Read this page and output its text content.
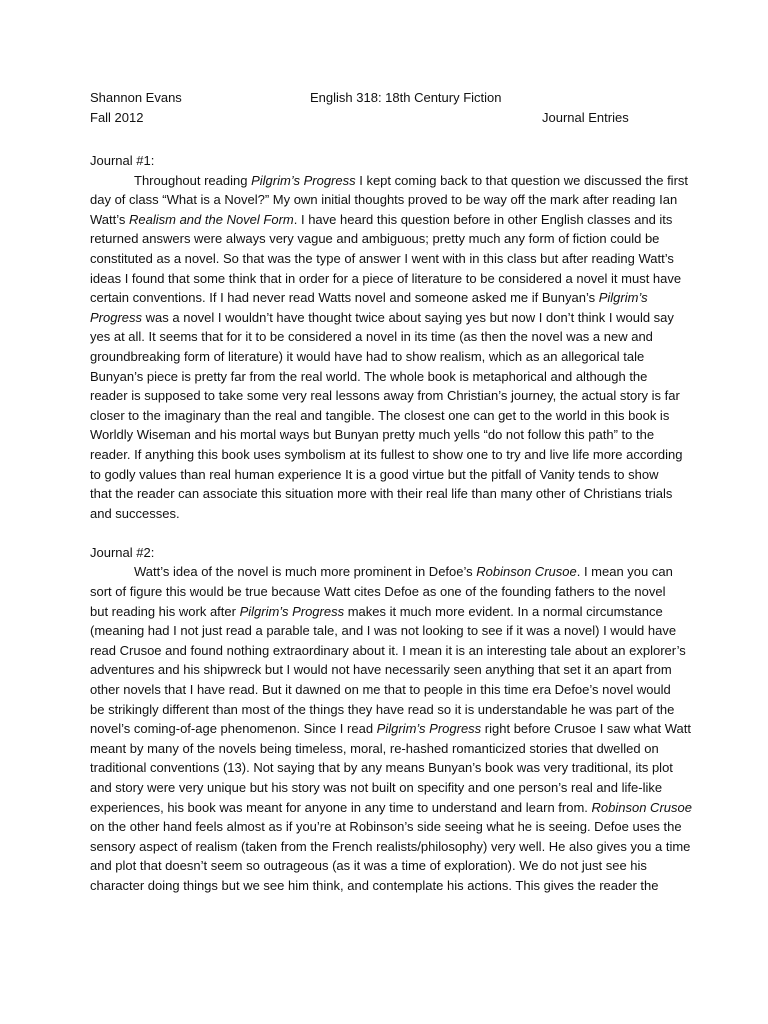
Shannon Evans	English 318: 18th Century Fiction
Fall 2012	Journal Entries
Journal #1:
Throughout reading Pilgrim’s Progress I kept coming back to that question we discussed the first
day of class “What is a Novel?” My own initial thoughts proved to be way off the mark after reading Ian
Watt’s Realism and the Novel Form. I have heard this question before in other English classes and its
returned answers were always very vague and ambiguous; pretty much any form of fiction could be
constituted as a novel. So that was the type of answer I went with in this class but after reading Watt’s
ideas I found that some think that in order for a piece of literature to be considered a novel it must have
certain conventions. If I had never read Watts novel and someone asked me if Bunyan’s Pilgrim’s
Progress was a novel I wouldn’t have thought twice about saying yes but now I don’t think I would say
yes at all. It seems that for it to be considered a novel in its time (as then the novel was a new and
groundbreaking form of literature) it would have had to show realism, which as an allegorical tale
Bunyan’s piece is pretty far from the real world. The whole book is metaphorical and although the
reader is supposed to take some very real lessons away from Christian’s journey, the actual story is far
closer to the imaginary than the real and tangible. The closest one can get to the world in this book is
Worldly Wiseman and his mortal ways but Bunyan pretty much yells “do not follow this path” to the
reader. If anything this book uses symbolism at its fullest to show one to try and live life more according
to godly values than real human experience It is a good virtue but the pitfall of Vanity tends to show
that the reader can associate this situation more with their real life than many other of Christians trials
and successes.
Journal #2:
Watt’s idea of the novel is much more prominent in Defoe’s Robinson Crusoe. I mean you can
sort of figure this would be true because Watt cites Defoe as one of the founding fathers to the novel
but reading his work after Pilgrim’s Progress makes it much more evident. In a normal circumstance
(meaning had I not just read a parable tale, and I was not looking to see if it was a novel) I would have
read Crusoe and found nothing extraordinary about it. I mean it is an interesting tale about an explorer’s
adventures and his shipwreck but I would not have necessarily seen anything that set it an apart from
other novels that I have read. But it dawned on me that to people in this time era Defoe’s novel would
be strikingly different than most of the things they have read so it is understandable he was part of the
novel’s coming-of-age phenomenon. Since I read Pilgrim’s Progress right before Crusoe I saw what Watt
meant by many of the novels being timeless, moral, re-hashed romanticized stories that dwelled on
traditional conventions (13). Not saying that by any means Bunyan’s book was very traditional, its plot
and story were very unique but his story was not built on specifity and one person’s real and life-like
experiences, his book was meant for anyone in any time to understand and learn from. Robinson Crusoe
on the other hand feels almost as if you’re at Robinson’s side seeing what he is seeing. Defoe uses the
sensory aspect of realism (taken from the French realists/philosophy) very well. He also gives you a time
and plot that doesn’t seem so outrageous (as it was a time of exploration). We do not just see his
character doing things but we see him think, and contemplate his actions. This gives the reader the
